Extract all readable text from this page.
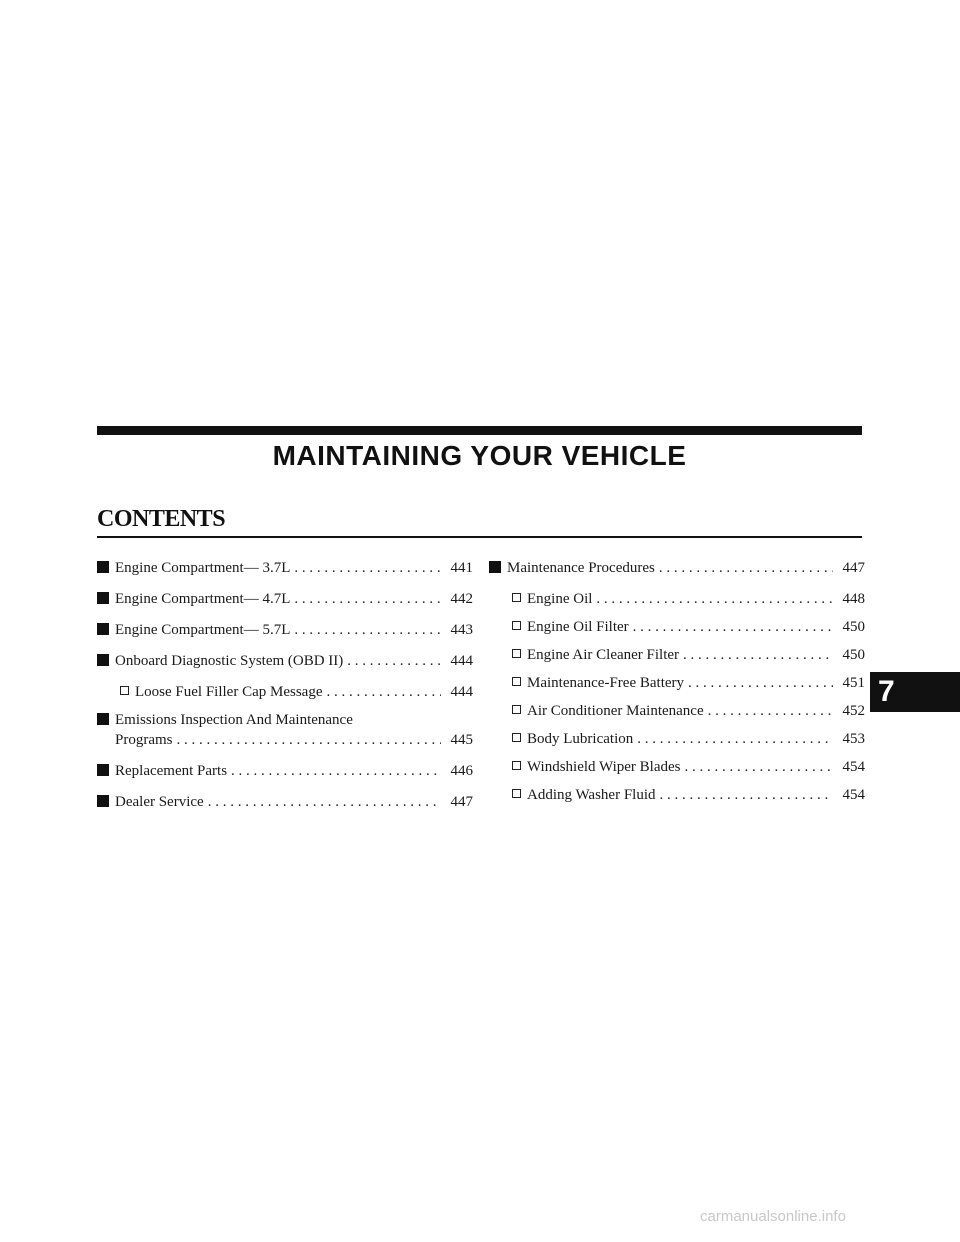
MAINTAINING YOUR VEHICLE
CONTENTS
Engine Compartment— 3.7L . . .	441
Engine Compartment— 4.7L . . .	442
Engine Compartment— 5.7L . . .	443
Onboard Diagnostic System (OBD II) . . .	444
Loose Fuel Filler Cap Message . . .	444
Emissions Inspection And Maintenance
Programs . . .	445
Replacement Parts . . .	446
Dealer Service . . .	447
Maintenance Procedures . . .	447
Engine Oil . . .	448
Engine Oil Filter . . .	450
Engine Air Cleaner Filter . . .	450
Maintenance-Free Battery . . .	451
Air Conditioner Maintenance . . .	452
Body Lubrication . . .	453
Windshield Wiper Blades . . .	454
Adding Washer Fluid . . .	454
7
carmanualsonline.info
